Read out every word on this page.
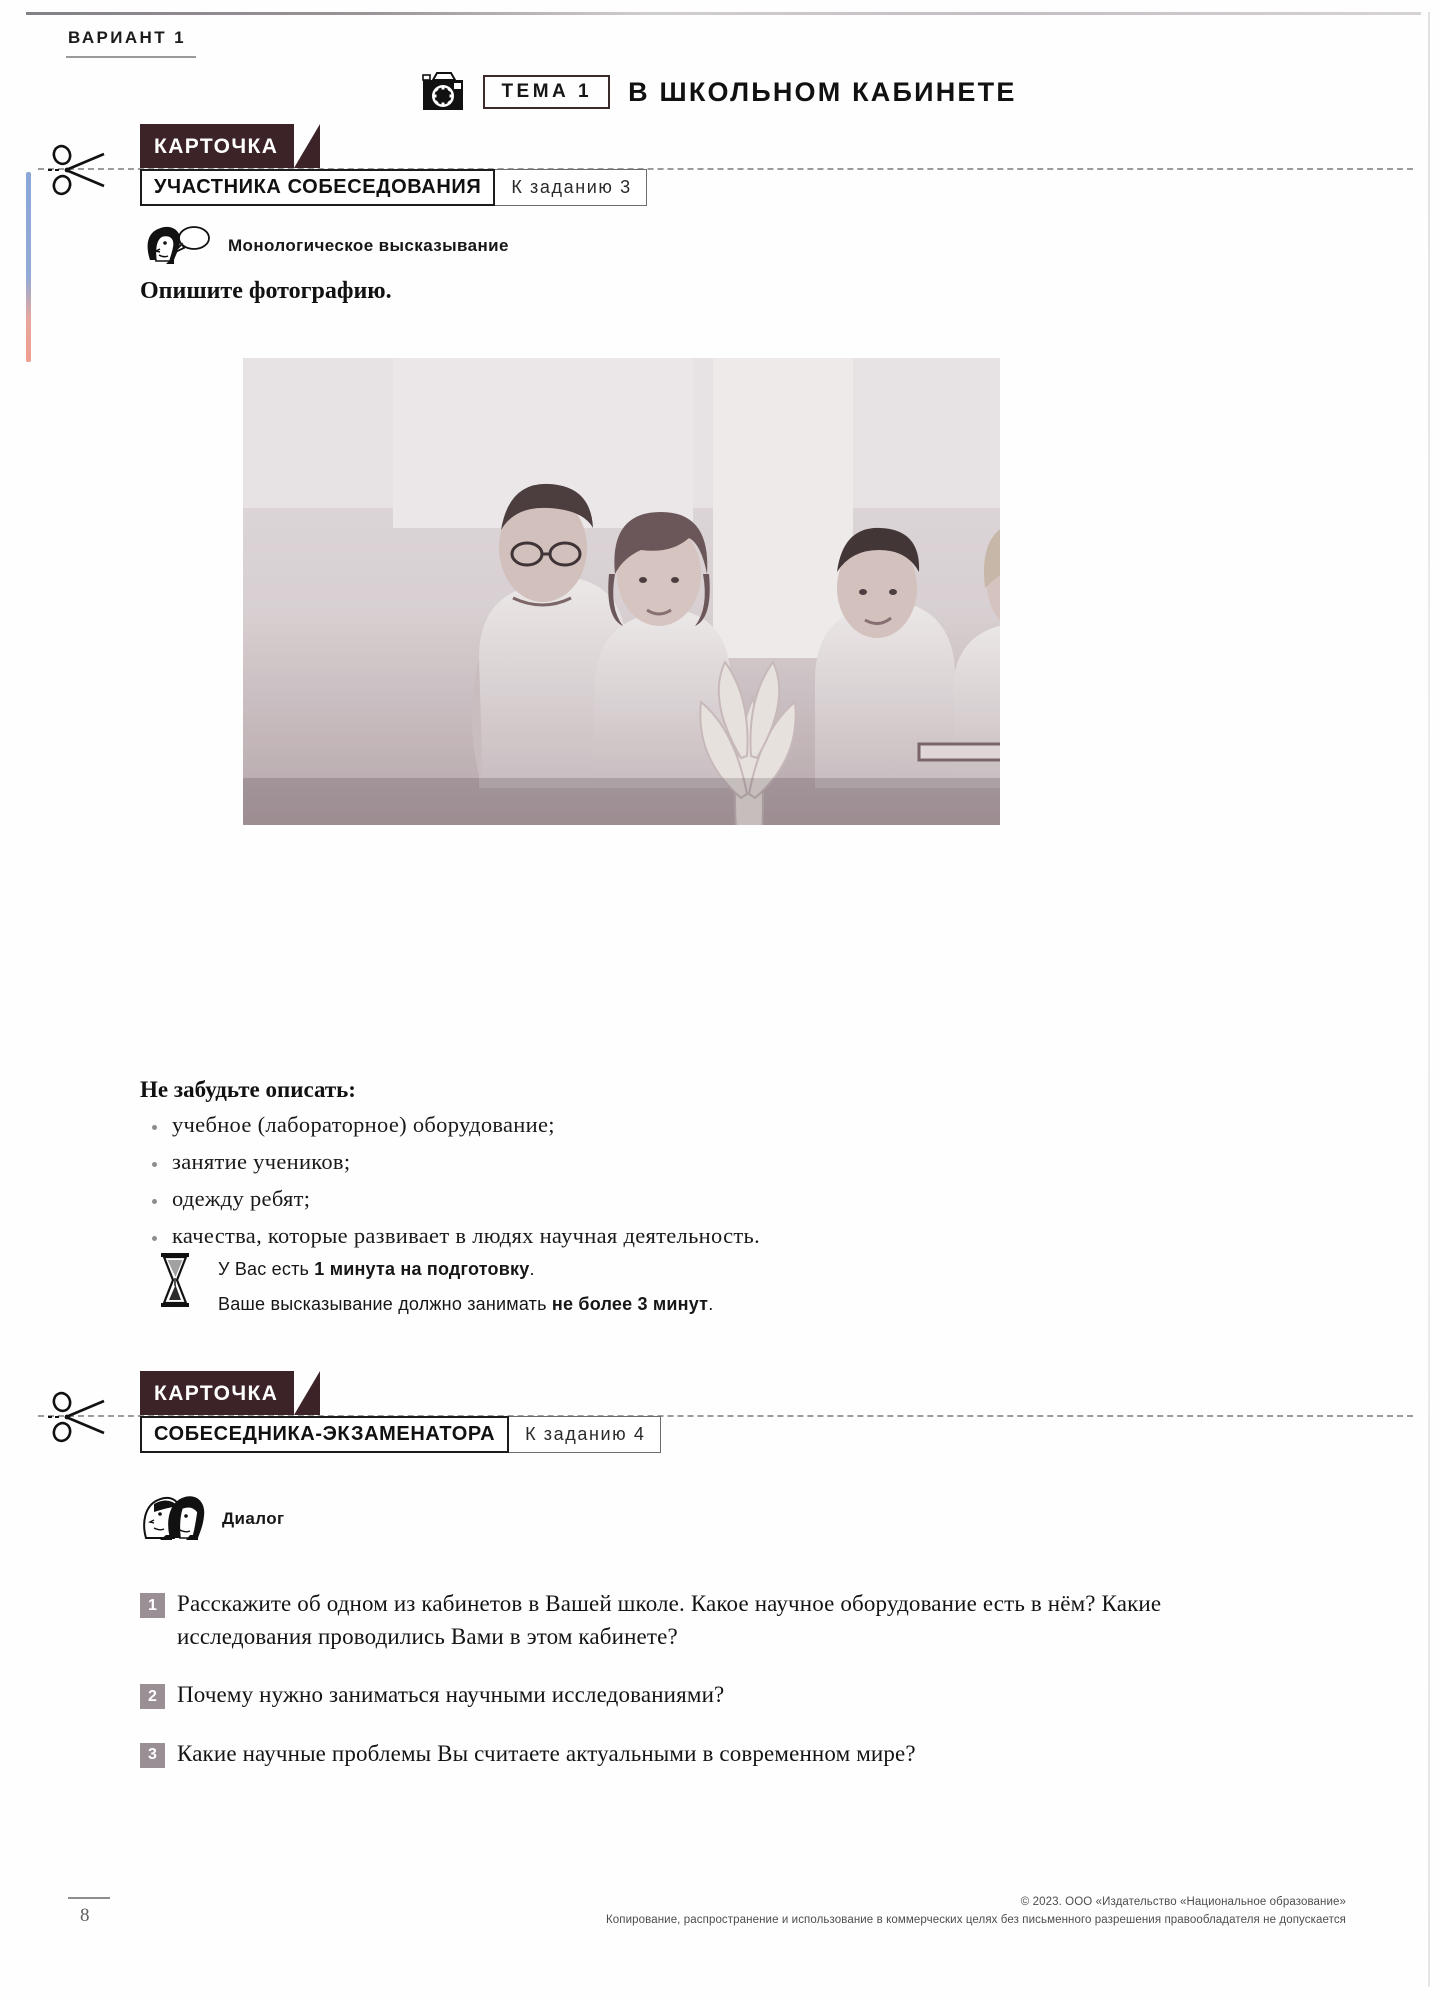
ВАРИАНТ 1
ТЕМА 1	В ШКОЛЬНОМ КАБИНЕТЕ
КАРТОЧКА
УЧАСТНИКА СОБЕСЕДОВАНИЯ	К заданию 3
Монологическое высказывание
Опишите фотографию.
Не забудьте описать:
учебное (лабораторное) оборудование;
занятие учеников;
одежду ребят;
качества, которые развивает в людях научная деятельность.
У Вас есть 1 минута на подготовку.
Ваше высказывание должно занимать не более 3 минут.
КАРТОЧКА
СОБЕСЕДНИКА-ЭКЗАМЕНАТОРА	К заданию 4
Диалог
1 Расскажите об одном из кабинетов в Вашей школе. Какое научное оборудование есть в нём? Какие исследования проводились Вами в этом кабинете?
2 Почему нужно заниматься научными исследованиями?
3 Какие научные проблемы Вы считаете актуальными в современном мире?
8
© 2023. ООО «Издательство «Национальное образование»
Копирование, распространение и использование в коммерческих целях без письменного разрешения правообладателя не допускается
